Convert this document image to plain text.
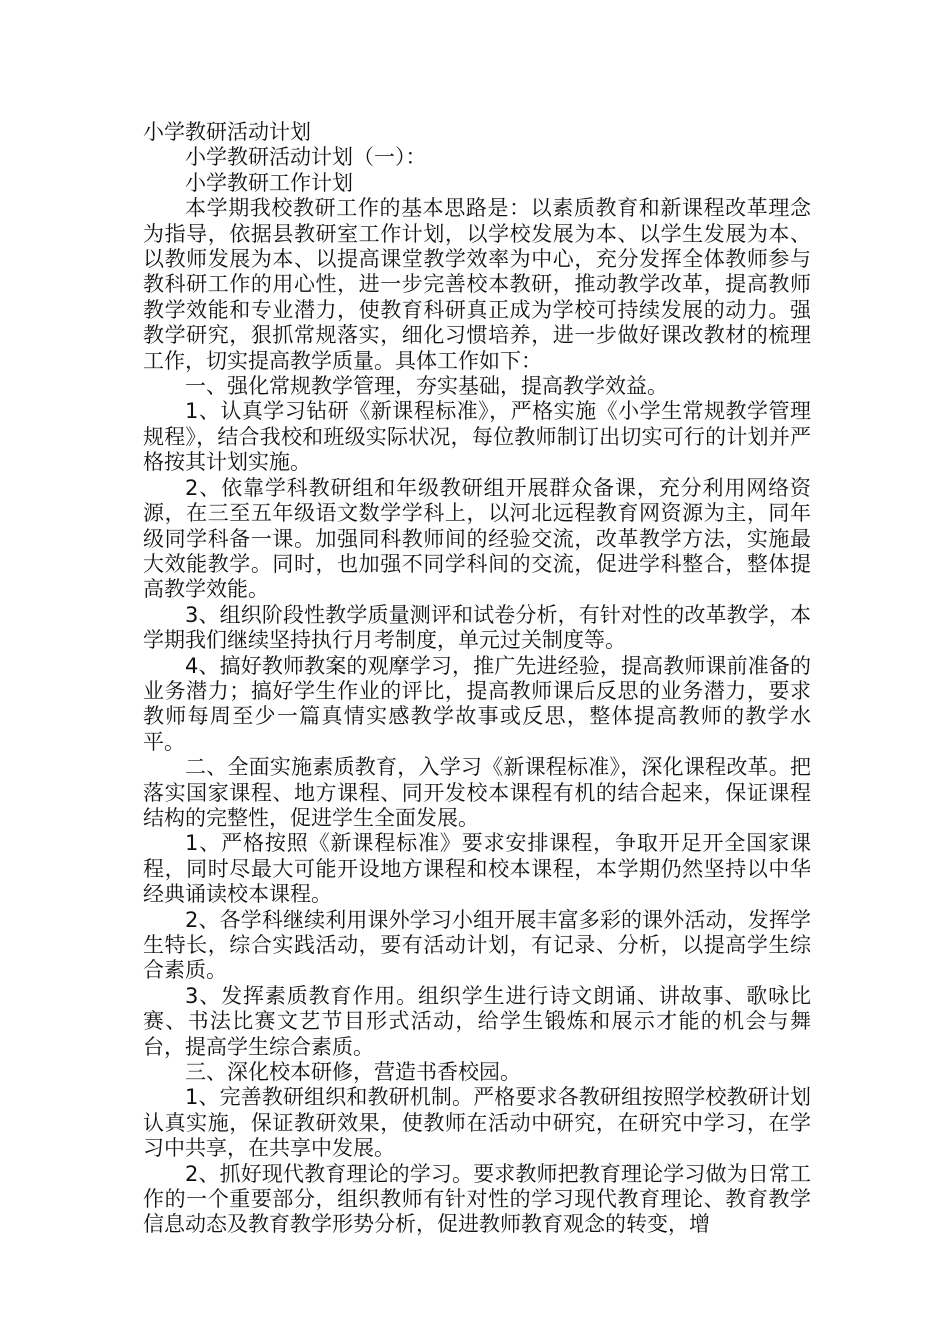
小学教研活动计划

小学教研活动计划（一）：

小学教研工作计划

本学期我校教研工作的基本思路是：以素质教育和新课程改革理念为指导，依据县教研室工作计划，以学校发展为本、以学生发展为本、以教师发展为本、以提高课堂教学效率为中心，充分发挥全体教师参与教科研工作的用心性，进一步完善校本教研，推动教学改革，提高教师教学效能和专业潜力，使教育科研真正成为学校可持续发展的动力。强教学研究，狠抓常规落实，细化习惯培养，进一步做好课改教材的梳理工作，切实提高教学质量。具体工作如下：

一、强化常规教学管理，夯实基础，提高教学效益。

1、认真学习钻研《新课程标准》，严格实施《小学生常规教学管理规程》，结合我校和班级实际状况，每位教师制订出切实可行的计划并严格按其计划实施。

2、依靠学科教研组和年级教研组开展群众备课，充分利用网络资源，在三至五年级语文数学学科上，以河北远程教育网资源为主，同年级同学科备一课。加强同科教师间的经验交流，改革教学方法，实施最大效能教学。同时，也加强不同学科间的交流，促进学科整合，整体提高教学效能。

3、组织阶段性教学质量测评和试卷分析，有针对性的改革教学，本学期我们继续坚持执行月考制度，单元过关制度等。

4、搞好教师教案的观摩学习，推广先进经验，提高教师课前准备的业务潜力；搞好学生作业的评比，提高教师课后反思的业务潜力，要求教师每周至少一篇真情实感教学故事或反思，整体提高教师的教学水平。

二、全面实施素质教育，入学习《新课程标准》，深化课程改革。把落实国家课程、地方课程、同开发校本课程有机的结合起来，保证课程结构的完整性，促进学生全面发展。

1、严格按照《新课程标准》要求安排课程，争取开足开全国家课程，同时尽最大可能开设地方课程和校本课程，本学期仍然坚持以中华经典诵读校本课程。

2、各学科继续利用课外学习小组开展丰富多彩的课外活动，发挥学生特长，综合实践活动，要有活动计划，有记录、分析，以提高学生综合素质。

3、发挥素质教育作用。组织学生进行诗文朗诵、讲故事、歌咏比赛、书法比赛文艺节目形式活动，给学生锻炼和展示才能的机会与舞台，提高学生综合素质。

三、深化校本研修，营造书香校园。

1、完善教研组织和教研机制。严格要求各教研组按照学校教研计划认真实施，保证教研效果，使教师在活动中研究，在研究中学习，在学习中共享，在共享中发展。

2、抓好现代教育理论的学习。要求教师把教育理论学习做为日常工作的一个重要部分，组织教师有针对性的学习现代教育理论、教育教学信息动态及教育教学形势分析，促进教师教育观念的转变，增
